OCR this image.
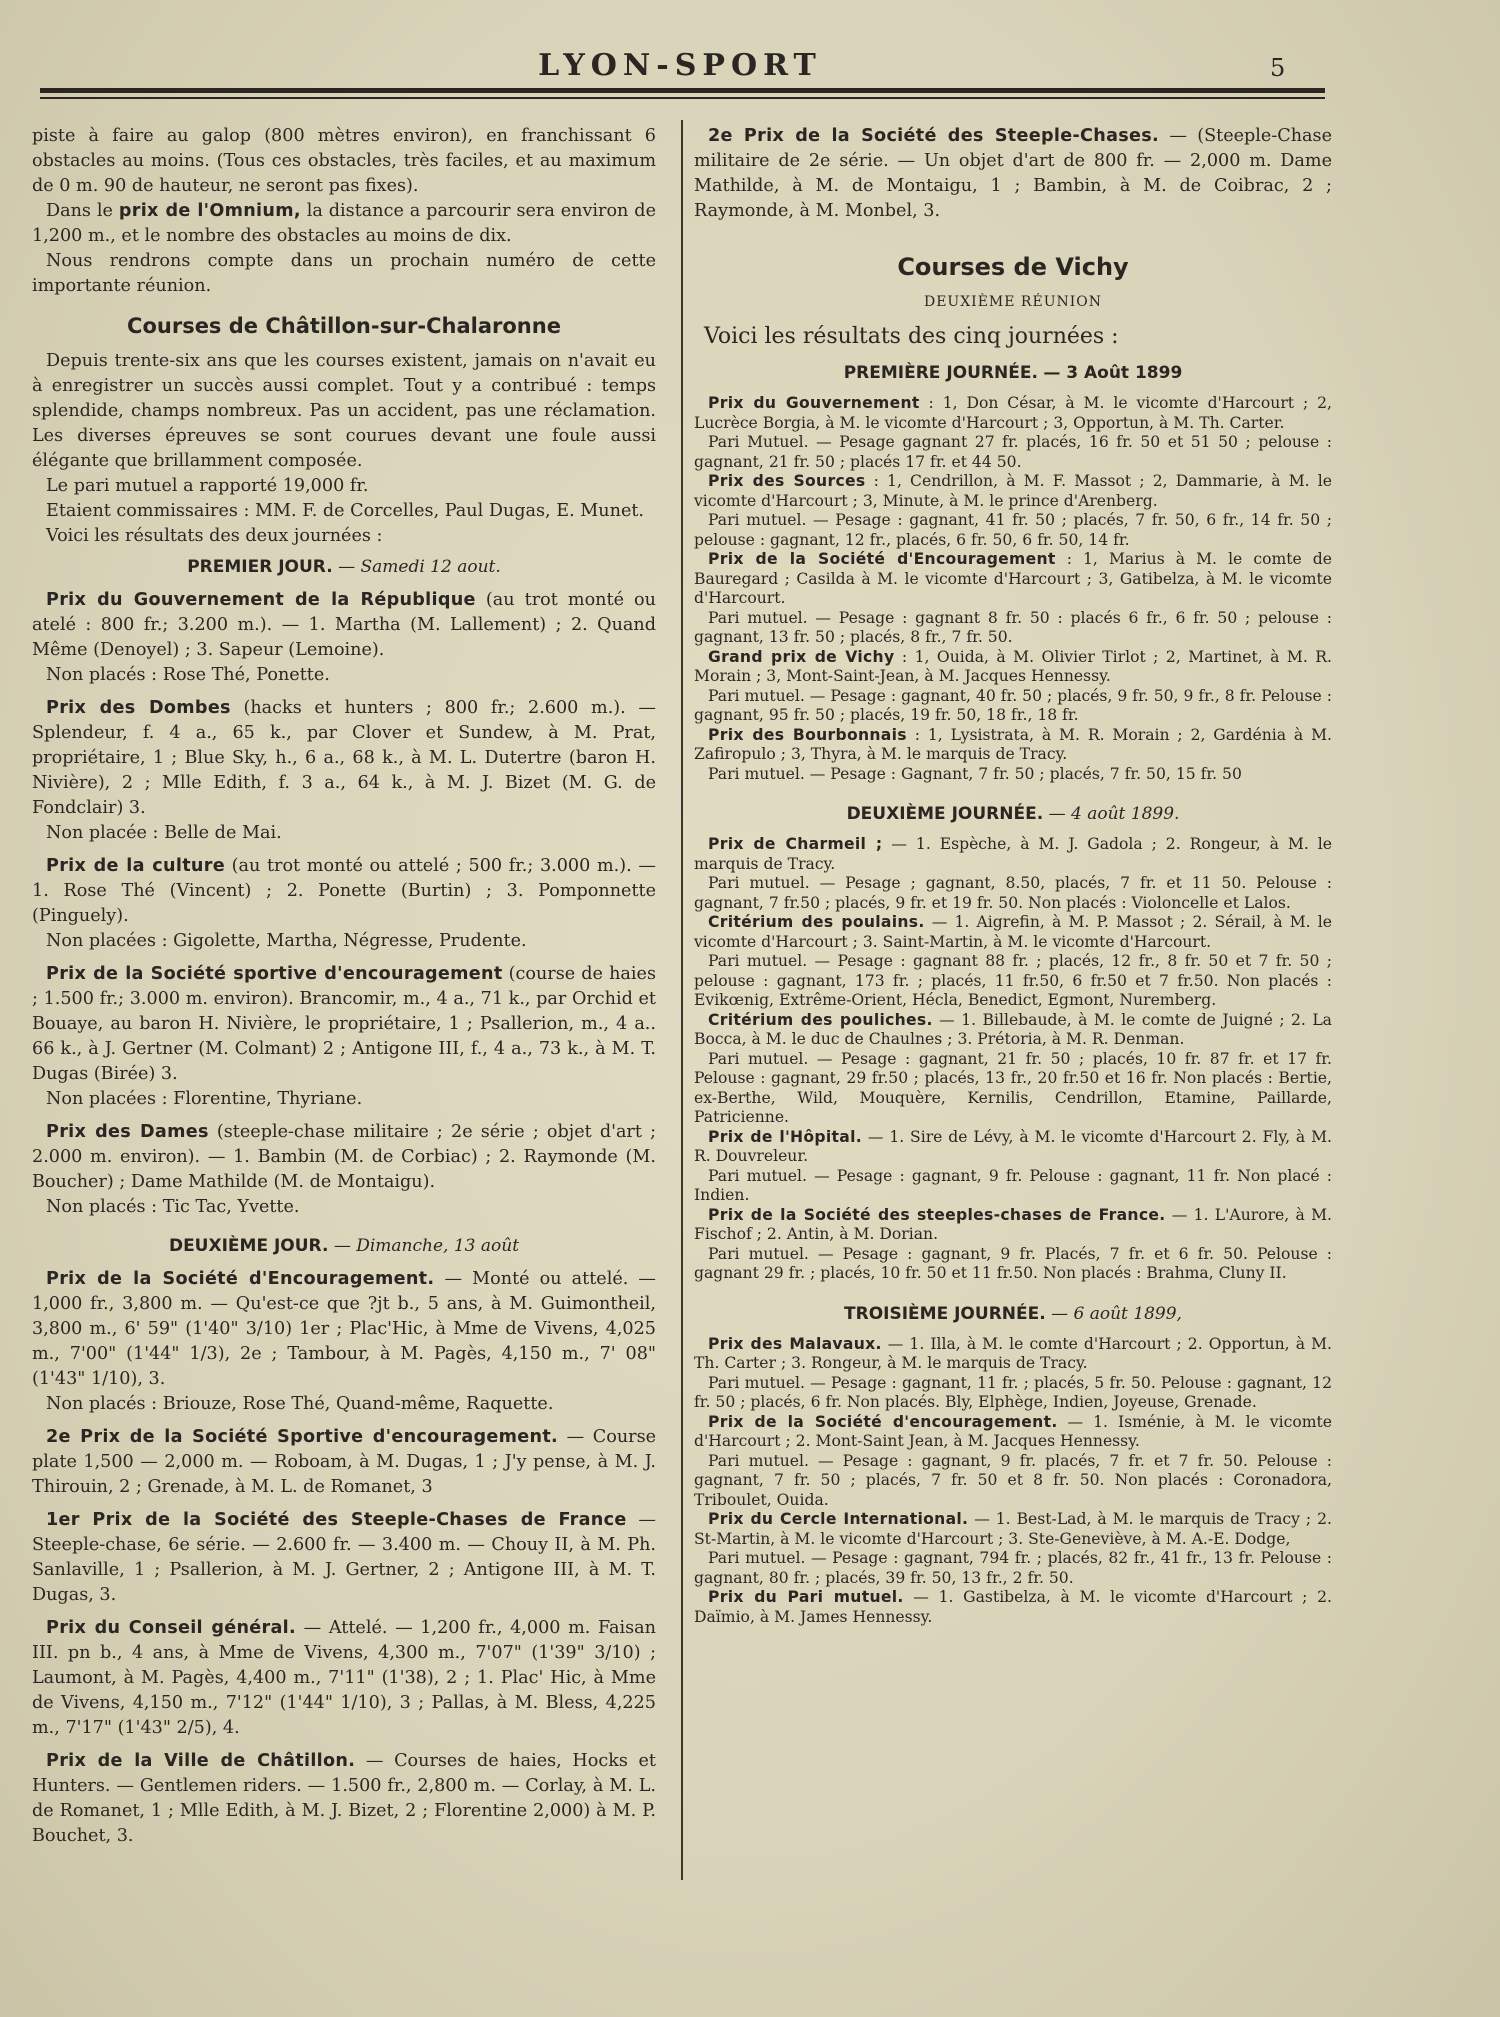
LYON-SPORT	5

piste à faire au galop (800 mètres environ), en franchissant 6 obstacles au moins. (Tous ces obstacles, très faciles, et au maximum de 0 m. 90 de hauteur, ne seront pas fixes).

Dans le prix de l'Omnium, la distance a parcourir sera environ de 1,200 m., et le nombre des obstacles au moins de dix.

Nous rendrons compte dans un prochain numéro de cette importante réunion.

Courses de Châtillon-sur-Chalaronne

Depuis trente-six ans que les courses existent, jamais on n'avait eu à enregistrer un succès aussi complet. Tout y a contribué : temps splendide, champs nombreux. Pas un accident, pas une réclamation. Les diverses épreuves se sont courues devant une foule aussi élégante que brillamment composée.

Le pari mutuel a rapporté 19,000 fr.

Etaient commissaires : MM. F. de Corcelles, Paul Dugas, E. Munet.

Voici les résultats des deux journées :

PREMIER JOUR. — Samedi 12 aout.

Prix du Gouvernement de la République (au trot monté ou atelé : 800 fr.; 3.200 m.). — 1. Martha (M. Lallement) ; 2. Quand Même (Denoyel) ; 3. Sapeur (Lemoine).

Non placés : Rose Thé, Ponette.

Prix des Dombes (hacks et hunters ; 800 fr.; 2.600 m.). — Splendeur, f. 4 a., 65 k., par Clover et Sundew, à M. Prat, propriétaire, 1 ; Blue Sky, h., 6 a., 68 k., à M. L. Dutertre (baron H. Nivière), 2 ; Mlle Edith, f. 3 a., 64 k., à M. J. Bizet (M. G. de Fondclair) 3.

Non placée : Belle de Mai.

Prix de la culture (au trot monté ou attelé ; 500 fr.; 3.000 m.). — 1. Rose Thé (Vincent) ; 2. Ponette (Burtin) ; 3. Pomponnette (Pinguely).

Non placées : Gigolette, Martha, Négresse, Prudente.

Prix de la Société sportive d'encouragement (course de haies ; 1.500 fr.; 3.000 m. environ). Brancomir, m., 4 a., 71 k., par Orchid et Bouaye, au baron H. Nivière, le propriétaire, 1 ; Psallerion, m., 4 a.. 66 k., à J. Gertner (M. Colmant) 2 ; Antigone III, f., 4 a., 73 k., à M. T. Dugas (Birée) 3.

Non placées : Florentine, Thyriane.

Prix des Dames (steeple-chase militaire ; 2e série ; objet d'art ; 2.000 m. environ). — 1. Bambin (M. de Corbiac) ; 2. Raymonde (M. Boucher) ; Dame Mathilde (M. de Montaigu).

Non placés : Tic Tac, Yvette.

DEUXIÈME JOUR. — Dimanche, 13 août

Prix de la Société d'Encouragement. — Monté ou attelé. — 1,000 fr., 3,800 m. — Qu'est-ce que ?jt b., 5 ans, à M. Guimontheil, 3,800 m., 6' 59" (1'40" 3/10) 1er ; Plac'Hic, à Mme de Vivens, 4,025 m., 7'00" (1'44" 1/3), 2e ; Tambour, à M. Pagès, 4,150 m., 7' 08" (1'43" 1/10), 3.

Non placés : Briouze, Rose Thé, Quand-même, Raquette.

2e Prix de la Société Sportive d'encouragement. — Course plate 1,500 — 2,000 m. — Roboam, à M. Dugas, 1 ; J'y pense, à M. J. Thirouin, 2 ; Grenade, à M. L. de Romanet, 3

1er Prix de la Société des Steeple-Chases de France — Steeple-chase, 6e série. — 2.600 fr. — 3.400 m. — Chouy II, à M. Ph. Sanlaville, 1 ; Psallerion, à M. J. Gertner, 2 ; Antigone III, à M. T. Dugas, 3.

Prix du Conseil général. — Attelé. — 1,200 fr., 4,000 m. Faisan III. pn b., 4 ans, à Mme de Vivens, 4,300 m., 7'07" (1'39" 3/10) ; Laumont, à M. Pagès, 4,400 m., 7'11" (1'38), 2 ; 1. Plac' Hic, à Mme de Vivens, 4,150 m., 7'12" (1'44" 1/10), 3 ; Pallas, à M. Bless, 4,225 m., 7'17" (1'43" 2/5), 4.

Prix de la Ville de Châtillon. — Courses de haies, Hocks et Hunters. — Gentlemen riders. — 1.500 fr., 2,800 m. — Corlay, à M. L. de Romanet, 1 ; Mlle Edith, à M. J. Bizet, 2 ; Florentine 2,000) à M. P. Bouchet, 3.

2e Prix de la Société des Steeple-Chases. — (Steeple-Chase militaire de 2e série. — Un objet d'art de 800 fr. — 2,000 m. Dame Mathilde, à M. de Montaigu, 1 ; Bambin, à M. de Coibrac, 2 ; Raymonde, à M. Monbel, 3.

Courses de Vichy
DEUXIÈME RÉUNION
Voici les résultats des cinq journées :
PREMIÈRE JOURNÉE. — 3 Août 1899

Prix du Gouvernement : 1, Don César, à M. le vicomte d'Harcourt ; 2, Lucrèce Borgia, à M. le vicomte d'Harcourt ; 3, Opportun, à M. Th. Carter.

Pari Mutuel. — Pesage gagnant 27 fr. placés, 16 fr. 50 et 51 50 ; pelouse : gagnant, 21 fr. 50 ; placés 17 fr. et 44 50.

Prix des Sources : 1, Cendrillon, à M. F. Massot ; 2, Dammarie, à M. le vicomte d'Harcourt ; 3, Minute, à M. le prince d'Arenberg.

Pari mutuel. — Pesage : gagnant, 41 fr. 50 ; placés, 7 fr. 50, 6 fr., 14 fr. 50 ; pelouse : gagnant, 12 fr., placés, 6 fr. 50, 6 fr. 50, 14 fr.

Prix de la Société d'Encouragement : 1, Marius à M. le comte de Bauregard ; Casilda à M. le vicomte d'Harcourt ; 3, Gatibelza, à M. le vicomte d'Harcourt.

Pari mutuel. — Pesage : gagnant 8 fr. 50 : placés 6 fr., 6 fr. 50 ; pelouse : gagnant, 13 fr. 50 ; placés, 8 fr., 7 fr. 50.

Grand prix de Vichy : 1, Ouida, à M. Olivier Tirlot ; 2, Martinet, à M. R. Morain ; 3, Mont-Saint-Jean, à M. Jacques Hennessy.

Pari mutuel. — Pesage : gagnant, 40 fr. 50 ; placés, 9 fr. 50, 9 fr., 8 fr. Pelouse : gagnant, 95 fr. 50 ; placés, 19 fr. 50, 18 fr., 18 fr.

Prix des Bourbonnais : 1, Lysistrata, à M. R. Morain ; 2, Gardénia à M. Zafiropulo ; 3, Thyra, à M. le marquis de Tracy.

Pari mutuel. — Pesage : Gagnant, 7 fr. 50 ; placés, 7 fr. 50, 15 fr. 50

DEUXIÈME JOURNÉE. — 4 août 1899.

Prix de Charmeil ; — 1. Espèche, à M. J. Gadola ; 2. Rongeur, à M. le marquis de Tracy.

Pari mutuel. — Pesage ; gagnant, 8.50, placés, 7 fr. et 11 50. Pelouse : gagnant, 7 fr.50 ; placés, 9 fr. et 19 fr. 50. Non placés : Violoncelle et Lalos.

Critérium des poulains. — 1. Aigrefin, à M. P. Massot ; 2. Sérail, à M. le vicomte d'Harcourt ; 3. Saint-Martin, à M. le vicomte d'Harcourt.

Pari mutuel. — Pesage : gagnant 88 fr. ; placés, 12 fr., 8 fr. 50 et 7 fr. 50 ; pelouse : gagnant, 173 fr. ; placés, 11 fr.50, 6 fr.50 et 7 fr.50. Non placés : Evikœnig, Extrême-Orient, Hécla, Benedict, Egmont, Nuremberg.

Critérium des pouliches. — 1. Billebaude, à M. le comte de Juigné ; 2. La Bocca, à M. le duc de Chaulnes ; 3. Prétoria, à M. R. Denman.

Pari mutuel. — Pesage : gagnant, 21 fr. 50 ; placés, 10 fr. 87 fr. et 17 fr. Pelouse : gagnant, 29 fr.50 ; placés, 13 fr., 20 fr.50 et 16 fr. Non placés : Bertie, ex-Berthe, Wild, Mouquère, Kernilis, Cendrillon, Etamine, Paillarde, Patricienne.

Prix de l'Hôpital. — 1. Sire de Lévy, à M. le vicomte d'Harcourt 2. Fly, à M. R. Douvreleur.

Pari mutuel. — Pesage : gagnant, 9 fr. Pelouse : gagnant, 11 fr. Non placé : Indien.

Prix de la Société des steeples-chases de France. — 1. L'Aurore, à M. Fischof ; 2. Antin, à M. Dorian.

Pari mutuel. — Pesage : gagnant, 9 fr. Placés, 7 fr. et 6 fr. 50. Pelouse : gagnant 29 fr. ; placés, 10 fr. 50 et 11 fr.50. Non placés : Brahma, Cluny II.

TROISIÈME JOURNÉE. — 6 août 1899,

Prix des Malavaux. — 1. Illa, à M. le comte d'Harcourt ; 2. Opportun, à M. Th. Carter ; 3. Rongeur, à M. le marquis de Tracy.

Pari mutuel. — Pesage : gagnant, 11 fr. ; placés, 5 fr. 50. Pelouse : gagnant, 12 fr. 50 ; placés, 6 fr. Non placés. Bly, Elphège, Indien, Joyeuse, Grenade.

Prix de la Société d'encouragement. — 1. Isménie, à M. le vicomte d'Harcourt ; 2. Mont-Saint Jean, à M. Jacques Hennessy.

Pari mutuel. — Pesage : gagnant, 9 fr. placés, 7 fr. et 7 fr. 50. Pelouse : gagnant, 7 fr. 50 ; placés, 7 fr. 50 et 8 fr. 50. Non placés : Coronadora, Triboulet, Ouida.

Prix du Cercle International. — 1. Best-Lad, à M. le marquis de Tracy ; 2. St-Martin, à M. le vicomte d'Harcourt ; 3. Ste-Geneviève, à M. A.-E. Dodge,

Pari mutuel. — Pesage : gagnant, 794 fr. ; placés, 82 fr., 41 fr., 13 fr. Pelouse : gagnant, 80 fr. ; placés, 39 fr. 50, 13 fr., 2 fr. 50.

Prix du Pari mutuel. — 1. Gastibelza, à M. le vicomte d'Harcourt ; 2. Daïmio, à M. James Hennessy.
